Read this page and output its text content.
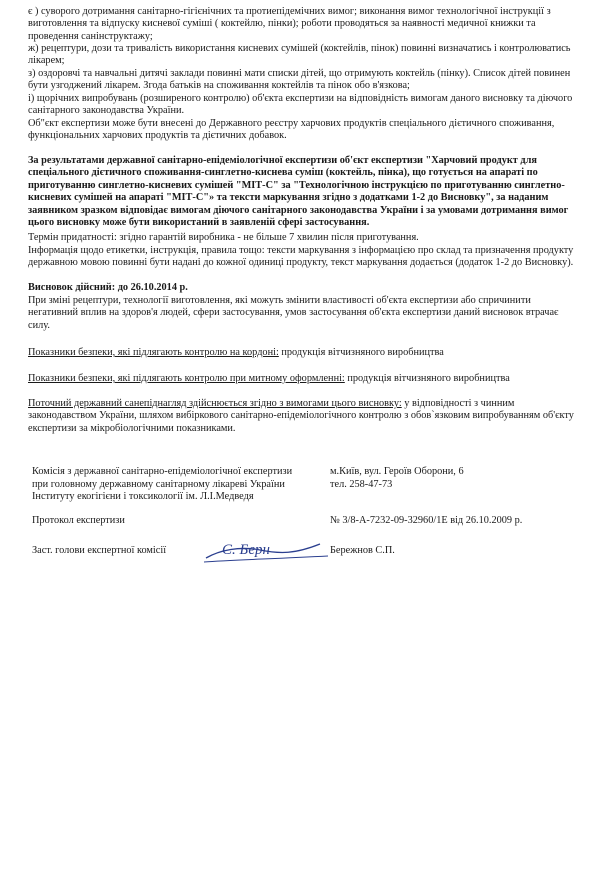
є ) суворого дотримання санітарно-гігієнічних та протиепідемічних вимог; виконання вимог технологічної інструкції з виготовлення та відпуску кисневої суміші ( коктейлю, пінки); роботи проводяться за наявності медичної книжки та проведення санінструктажу;

ж) рецептури, дози та тривалість використання кисневих сумішей (коктейлів, пінок) повинні визначатись і контролюватись лікарем;

з) оздоровчі та навчальні дитячі заклади повинні мати списки дітей, що отримують коктейль (пінку). Список дітей повинен бути узгоджений лікарем. Згода батьків на споживання коктейлів та пінок обо в'язкова;

і) щорічних випробувань (розширеного контролю) об'єкта експертизи на відповідність вимогам даного висновку та діючого санітарного законодавства України.

Об"єкт експертизи може бути внесені до Державного реєстру харчових продуктів спеціального дієтичного споживання, функціональних харчових продуктів та дієтичних добавок.

За результатами державної санітарно-епідеміологічної експертизи об'єкт експертизи "Харчовий продукт для спеціального дієтичного споживання-синглетно-киснева суміш (коктейль, пінка), що готується на апараті по приготуванню синглетно-кисневих сумішей "МІТ-С" за "Технологічною інструкцією по приготуванню синглетно-кисневих сумішей на апараті "МІТ-С"» та тексти маркування згідно з додатками 1-2 до Висновку", за наданим заявником зразком відповідає вимогам діючого санітарного законодавства України і за умовами дотримання вимог цього висновку може бути використаний в заявленій сфері застосування.

Термін придатності: згідно гарантій виробника - не більше 7 хвилин після приготування.

Інформація щодо етикетки, інструкція, правила тощо: тексти маркування з інформацією про склад та призначення продукту державною мовою повинні бути надані до кожної одиниці продукту, текст маркування додається (додаток 1-2 до Висновку).

Висновок дійсний: до 26.10.2014 р.

При зміні рецептури, технології виготовлення, які можуть змінити властивості об'єкта експертизи або спричинити негативний вплив на здоров'я людей, сфери застосування, умов застосування об'єкта експертизи даний висновок втрачає силу.

Показники безпеки, які підлягають контролю на кордоні: продукція вітчизняного виробництва

Показники безпеки, які підлягають контролю при митному оформленні: продукція вітчизняного виробництва

Поточний державний санепіднагляд здійснюється згідно з вимогами цього висновку: у відповідності з чинним законодавством України, шляхом вибіркового санітарно-епідеміологічного контролю з обов`язковим випробуванням об'єкту експертизи за мікробіологічними показниками.

Комісія з державної санітарно-епідеміологічної експертизи
при головному державному санітарному лікареві України
Інституту екогігієни і токсикології ім. Л.І.Медведя
м.Київ, вул. Героїв Оборони, 6
тел. 258-47-73
Протокол експертизи	№ 3/8-А-7232-09-32960/1Е від 26.10.2009 р.
Заст. голови експертної комісії	Бережнов С.П.
С. Берн
